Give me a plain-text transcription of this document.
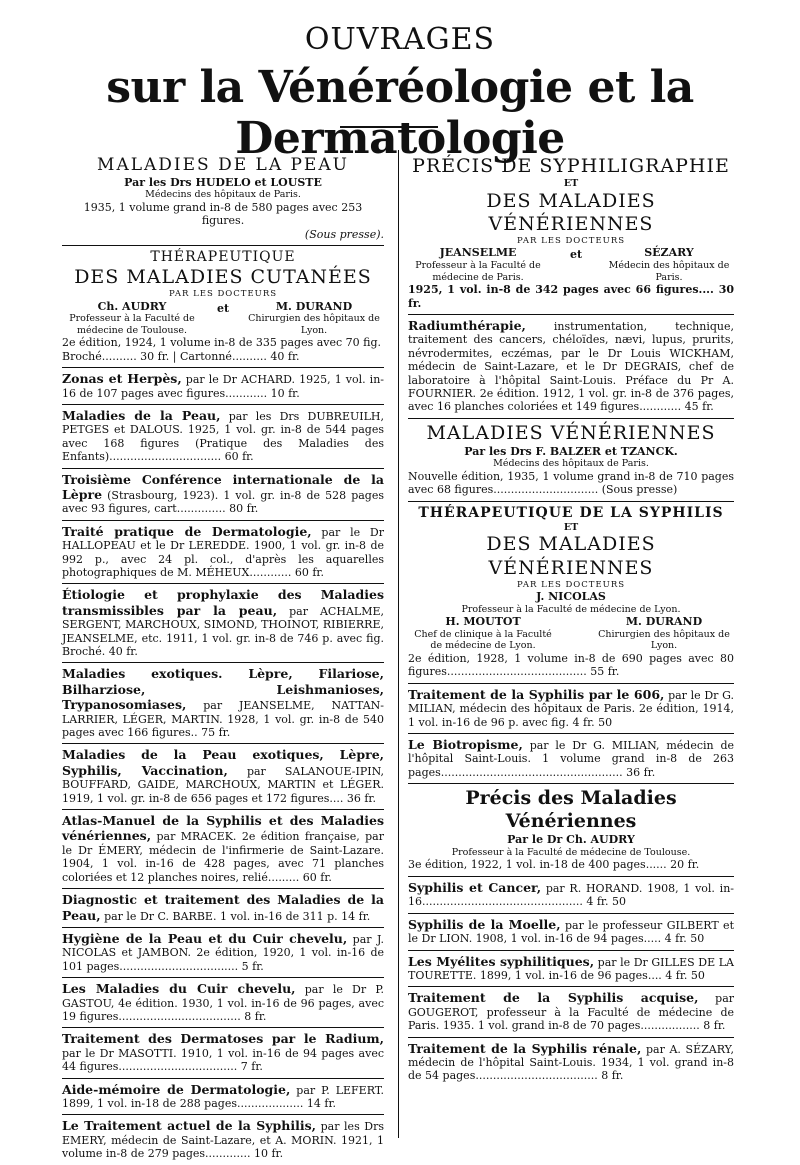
OUVRAGES
sur la Vénéréologie et la Dermatologie
MALADIES DE LA PEAU
Par les Drs HUDELO et LOUSTE
Médecins des hôpitaux de Paris.
1935, 1 volume grand in-8 de 580 pages avec 253 figures.
(Sous presse).
THÉRAPEUTIQUE
DES MALADIES CUTANÉES
PAR LES DOCTEURS
Ch. AUDRY
Professeur à la Faculté de médecine de Toulouse.
et	M. DURAND
Chirurgien des hôpitaux de Lyon.
2e édition, 1924, 1 volume in-8 de 335 pages avec 70 fig.
Broché.......... 30 fr. | Cartonné.......... 40 fr.
Zonas et Herpès, par le Dr ACHARD. 1925, 1 vol. in-16 de 107 pages avec figures............ 10 fr.
Maladies de la Peau, par les Drs DUBREUILH, PETGES et DALOUS. 1925, 1 vol. gr. in-8 de 544 pages avec 168 figures (Pratique des Maladies des Enfants)................................ 60 fr.
Troisième Conférence internationale de la Lèpre (Strasbourg, 1923). 1 vol. gr. in-8 de 528 pages avec 93 figures, cart.............. 80 fr.
Traité pratique de Dermatologie, par le Dr HALLOPEAU et le Dr LEREDDE. 1900, 1 vol. gr. in-8 de 992 p., avec 24 pl. col., d'après les aquarelles photographiques de M. MÉHEUX............ 60 fr.
Étiologie et prophylaxie des Maladies transmissibles par la peau, par ACHALME, SERGENT, MARCHOUX, SIMOND, THOINOT, RIBIERRE, JEANSELME, etc. 1911, 1 vol. gr. in-8 de 746 p. avec fig. Broché. 40 fr.
Maladies exotiques. Lèpre, Filariose, Bilharziose, Leishmanioses, Trypanosomiases, par JEANSELME, NATTAN-LARRIER, LÉGER, MARTIN. 1928, 1 vol. gr. in-8 de 540 pages avec 166 figures.. 75 fr.
Maladies de la Peau exotiques, Lèpre, Syphilis, Vaccination, par SALANOUE-IPIN, BOUFFARD, GAIDE, MARCHOUX, MARTIN et LÉGER. 1919, 1 vol. gr. in-8 de 656 pages et 172 figures.... 36 fr.
Atlas-Manuel de la Syphilis et des Maladies vénériennes, par MRACEK. 2e édition française, par le Dr ÉMERY, médecin de l'infirmerie de Saint-Lazare. 1904, 1 vol. in-16 de 428 pages, avec 71 planches coloriées et 12 planches noires, relié......... 60 fr.
Diagnostic et traitement des Maladies de la Peau, par le Dr C. BARBE. 1 vol. in-16 de 311 p. 14 fr.
Hygiène de la Peau et du Cuir chevelu, par J. NICOLAS et JAMBON. 2e édition, 1920, 1 vol. in-16 de 101 pages.................................. 5 fr.
Les Maladies du Cuir chevelu, par le Dr P. GASTOU, 4e édition. 1930, 1 vol. in-16 de 96 pages, avec 19 figures................................... 8 fr.
Traitement des Dermatoses par le Radium, par le Dr MASOTTI. 1910, 1 vol. in-16 de 94 pages avec 44 figures.................................. 7 fr.
Aide-mémoire de Dermatologie, par P. LEFERT. 1899, 1 vol. in-18 de 288 pages................... 14 fr.
Le Traitement actuel de la Syphilis, par les Drs EMERY, médecin de Saint-Lazare, et A. MORIN. 1921, 1 volume in-8 de 279 pages............. 10 fr.
PRÉCIS DE SYPHILIGRAPHIE
ET
DES MALADIES VÉNÉRIENNES
PAR LES DOCTEURS
JEANSELME
Professeur à la Faculté de médecine de Paris.
et	SÉZARY
Médecin des hôpitaux de Paris.
1925, 1 vol. in-8 de 342 pages avec 66 figures.... 30 fr.
Radiumthérapie,	instrumentation, technique, traitement des cancers, chéloïdes, nævi, lupus, prurits, névrodermites, eczémas, par le Dr Louis WICKHAM, médecin de Saint-Lazare, et le Dr DEGRAIS, chef de laboratoire à l'hôpital Saint-Louis. Préface du Pr A. FOURNIER. 2e édition. 1912, 1 vol. gr. in-8 de 376 pages, avec 16 planches coloriées et 149 figures............ 45 fr.
MALADIES VÉNÉRIENNES
Par les Drs F. BALZER et TZANCK.
Médecins des hôpitaux de Paris.
Nouvelle édition, 1935, 1 volume grand in-8 de 710 pages avec 68 figures.............................. (Sous presse)
THÉRAPEUTIQUE DE LA SYPHILIS
ET
DES MALADIES VÉNÉRIENNES
PAR LES DOCTEURS
J. NICOLAS
Professeur à la Faculté de médecine de Lyon.
H. MOUTOT
Chef de clinique à la Faculté de médecine de Lyon.
M. DURAND
Chirurgien des hôpitaux de Lyon.
2e édition, 1928, 1 volume in-8 de 690 pages avec 80 figures........................................ 55 fr.
Traitement de la Syphilis par le 606, par le Dr G. MILIAN, médecin des hôpitaux de Paris. 2e édition, 1914, 1 vol. in-16 de 96 p. avec fig. 4 fr. 50
Le Biotropisme, par le Dr G. MILIAN, médecin de l'hôpital Saint-Louis. 1 volume grand in-8 de 263 pages.................................................... 36 fr.
Précis des Maladies Vénériennes
Par le Dr Ch. AUDRY
Professeur à la Faculté de médecine de Toulouse.
3e édition, 1922, 1 vol. in-18 de 400 pages...... 20 fr.
Syphilis et Cancer, par R. HORAND. 1908, 1 vol. in-16.............................................. 4 fr. 50
Syphilis de la Moelle, par le professeur GILBERT et le Dr LION. 1908, 1 vol. in-16 de 94 pages..... 4 fr. 50
Les Myélites syphilitiques, par le Dr GILLES DE LA TOURETTE. 1899, 1 vol. in-16 de 96 pages.... 4 fr. 50
Traitement de la Syphilis acquise, par GOUGEROT, professeur à la Faculté de médecine de Paris. 1935. 1 vol. grand in-8 de 70 pages................. 8 fr.
Traitement de la Syphilis rénale, par A. SÉZARY, médecin de l'hôpital Saint-Louis. 1934, 1 vol. grand in-8 de 54 pages................................... 8 fr.
